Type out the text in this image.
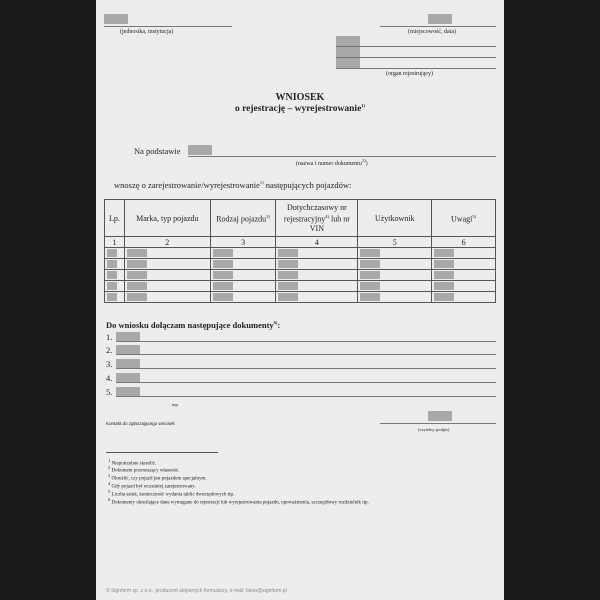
(jednostka, instytucja)	(miejscowość, data)
(organ rejestrujący)
WNIOSEK
o rejestrację – wyrejestrowanie$^{1)}$
Na podstawie
(nazwa i numer dokumentu$^{2)}$)
wnoszę o zarejestrowanie/wyrejestrowanie$^{1)}$ następujących pojazdów:
Lp.	Marka, typ pojazdu	Rodzaj pojazdu$^{3)}$	Dotychczasowy nr rejestracyjny$^{4)}$ lub nr VIN	Użytkownik	Uwagi$^{5)}$
1	2	3	4	5	6

Do wniosku dołączam następujące dokumenty$^{6)}$:
1.
2.
3.
4.
5.
mp.
Kontakt do zgłaszającego wniosek
(czytelny podpis)
$^1$ Niepotrzebne skreślić.
$^2$ Dokument przenoszący własność.
$^3$ Określić, czy pojazd jest pojazdem specjalnym.
$^4$ Gdy pojazd był wcześniej zarejestrowany.
$^5$ Liczba sztuk, konieczność wydania tablic dwurzędowych itp.
$^6$ Dokumenty określające dane wymagane do rejestracji lub wyrejestrowania pojazdu, upoważnienia, szczegółowy rozdzielnik itp.
© Signform sp. z o.o., producent aktywnych formularzy, e-mail: biuro@signform.pl
